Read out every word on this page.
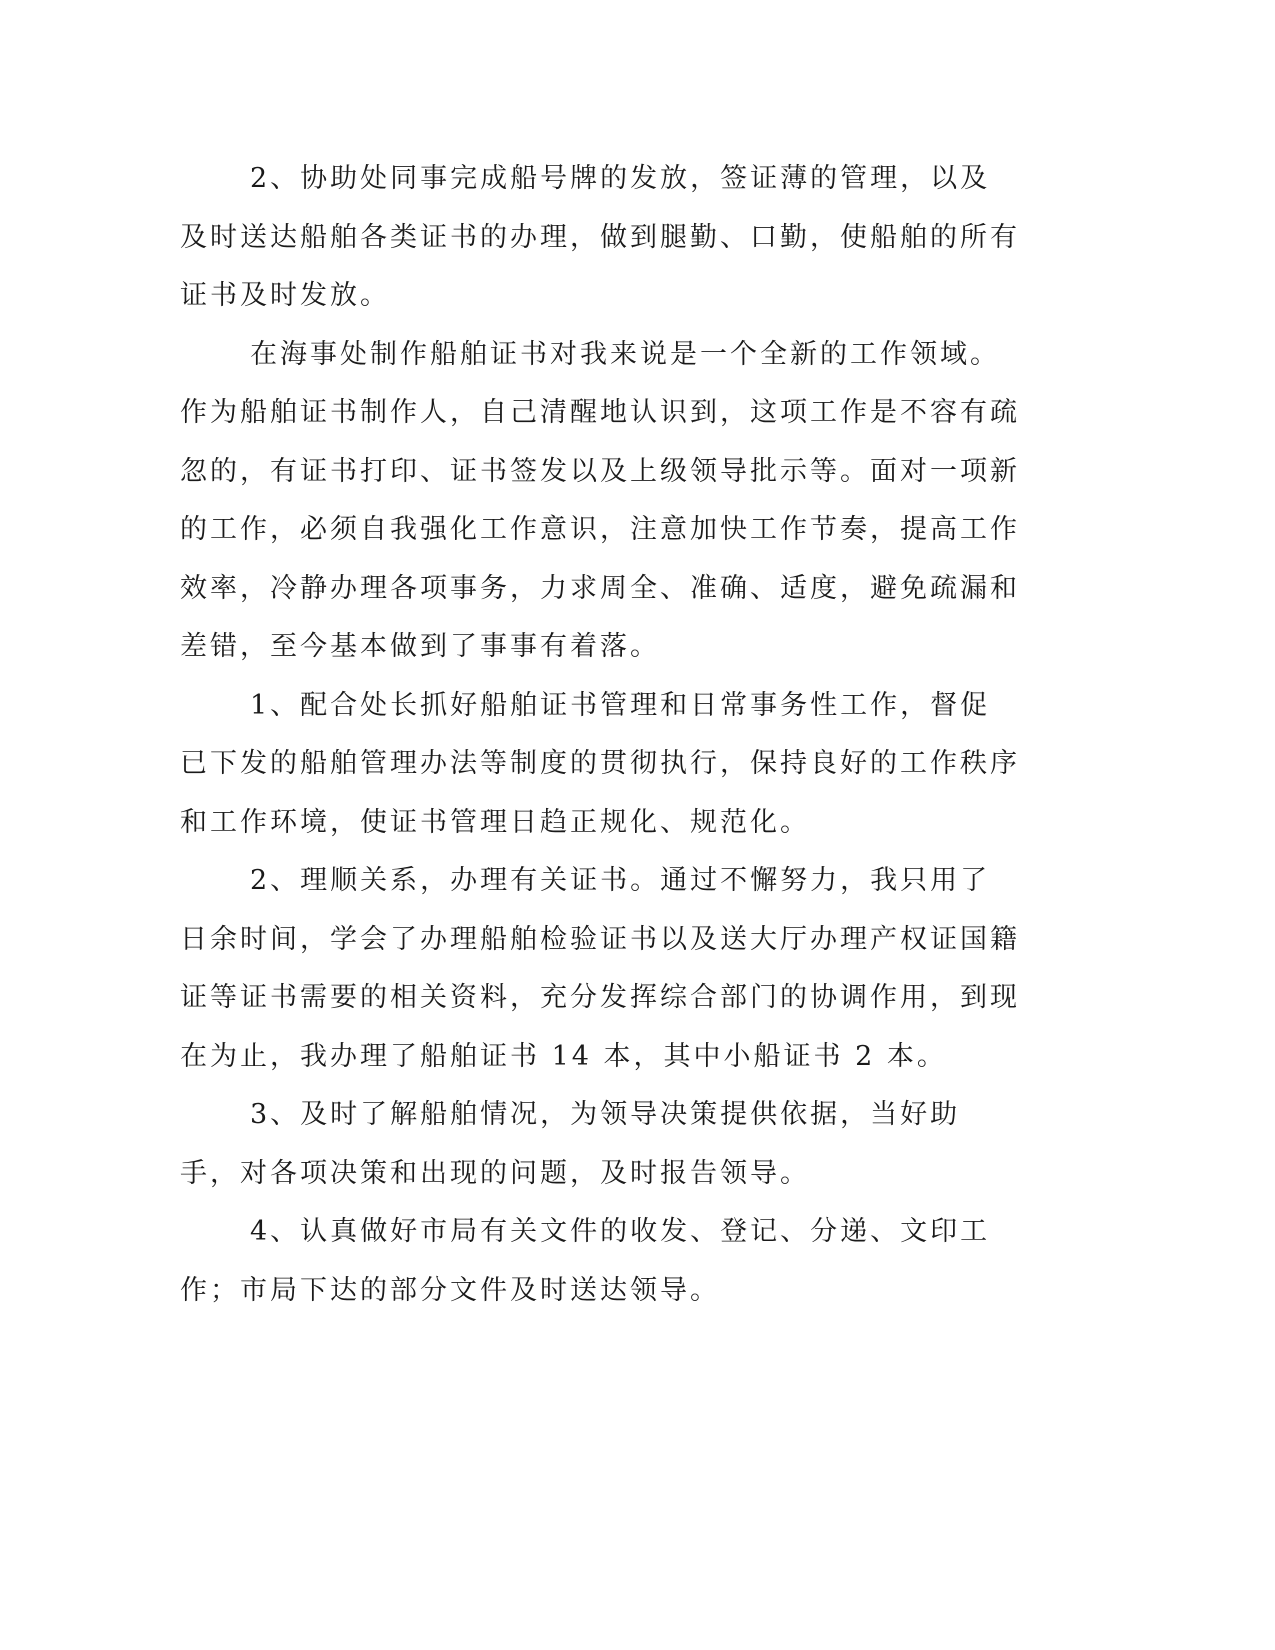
2、协助处同事完成船号牌的发放，签证薄的管理，以及及时送达船舶各类证书的办理，做到腿勤、口勤，使船舶的所有证书及时发放。

在海事处制作船舶证书对我来说是一个全新的工作领域。作为船舶证书制作人，自己清醒地认识到，这项工作是不容有疏忽的，有证书打印、证书签发以及上级领导批示等。面对一项新的工作，必须自我强化工作意识，注意加快工作节奏，提高工作效率，冷静办理各项事务，力求周全、准确、适度，避免疏漏和差错，至今基本做到了事事有着落。

1、配合处长抓好船舶证书管理和日常事务性工作，督促已下发的船舶管理办法等制度的贯彻执行，保持良好的工作秩序和工作环境，使证书管理日趋正规化、规范化。

2、理顺关系，办理有关证书。通过不懈努力，我只用了日余时间，学会了办理船舶检验证书以及送大厅办理产权证国籍证等证书需要的相关资料，充分发挥综合部门的协调作用，到现在为止，我办理了船舶证书 14 本，其中小船证书 2 本。

3、及时了解船舶情况，为领导决策提供依据，当好助手，对各项决策和出现的问题，及时报告领导。

4、认真做好市局有关文件的收发、登记、分递、文印工作；市局下达的部分文件及时送达领导。
